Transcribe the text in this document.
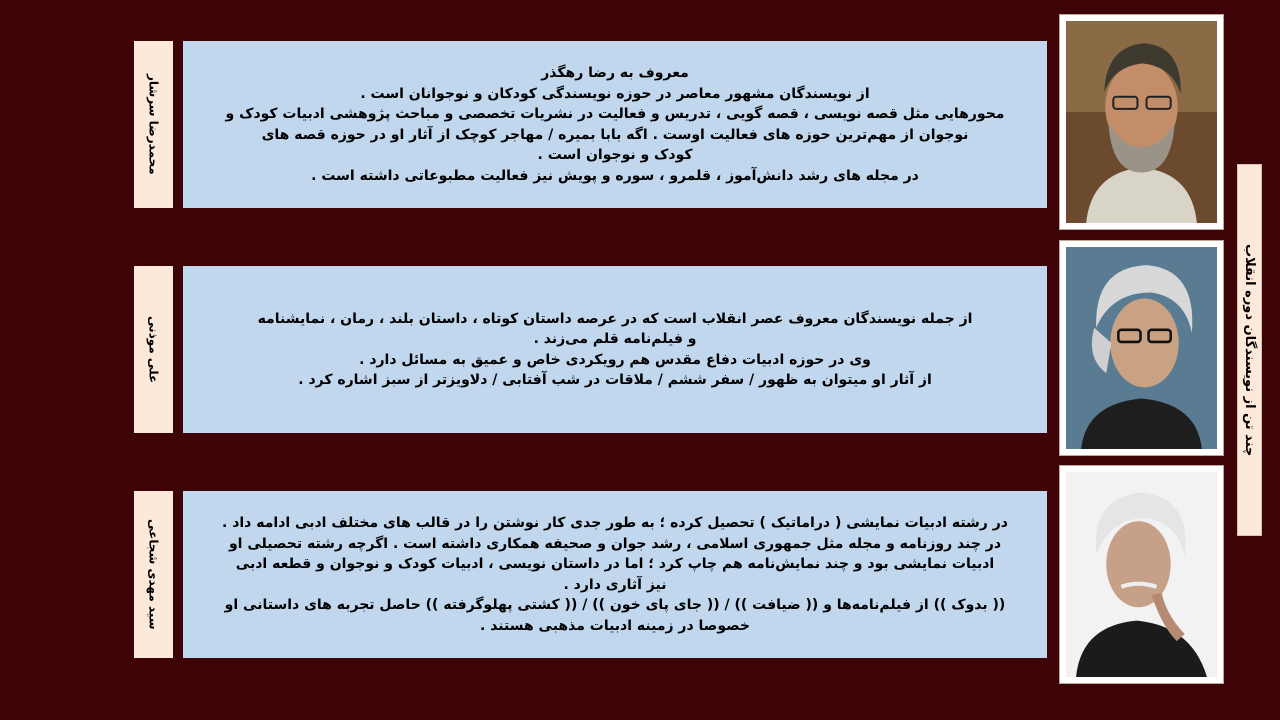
چند تن از نویسندگان دوره انقلاب
محمدرضا سرشار

معروف به رضا رهگذر

از نویسندگان مشهور معاصر در حوزه نویسندگی کودکان و نوجوانان است .

محورهایی مثل قصه نویسی ، قصه گویی ، تدریس و فعالیت در نشریات تخصصی و مباحث پژوهشی ادبیات کودک و

نوجوان از مهم‌ترین حوزه های فعالیت اوست . اگه بابا بمیره / مهاجر کوچک از آثار او در حوزه قصه های

کودک و نوجوان است .

در مجله های رشد دانش‌آموز ، قلمرو ، سوره و پویش نیز فعالیت مطبوعاتی داشته است .

علی موذنی	از جمله نویسندگان معروف عصر انقلاب است که در عرصه داستان کوتاه ، داستان بلند ، رمان ، نمایشنامه

و فیلم‌نامه قلم می‌زند .

وی در حوزه ادبیات دفاع مقدس هم رویکردی خاص و عمیق به مسائل دارد .

از آثار او میتوان به ظهور / سفر ششم / ملاقات در شب آفتابی / دلاویزتر از سبز اشاره کرد .

سید مهدی شجاعی	در رشته ادبیات نمایشی ( دراماتیک ) تحصیل کرده ؛ به طور جدی کار نوشتن را در قالب های مختلف ادبی ادامه داد .

در چند روزنامه و مجله مثل جمهوری اسلامی ، رشد جوان و صحیفه همکاری داشته است . اگرچه رشته تحصیلی او

ادبیات نمایشی بود و چند نمایش‌نامه هم چاپ کرد ؛ اما در داستان نویسی ، ادبیات کودک و نوجوان و قطعه ادبی

نیز آثاری دارد .

(( بدوک )) از فیلم‌نامه‌ها و (( ضیافت )) / (( جای پای خون )) / (( کشتی پهلوگرفته )) حاصل تجربه های داستانی او

خصوصا در زمینه ادبیات مذهبی هستند .
